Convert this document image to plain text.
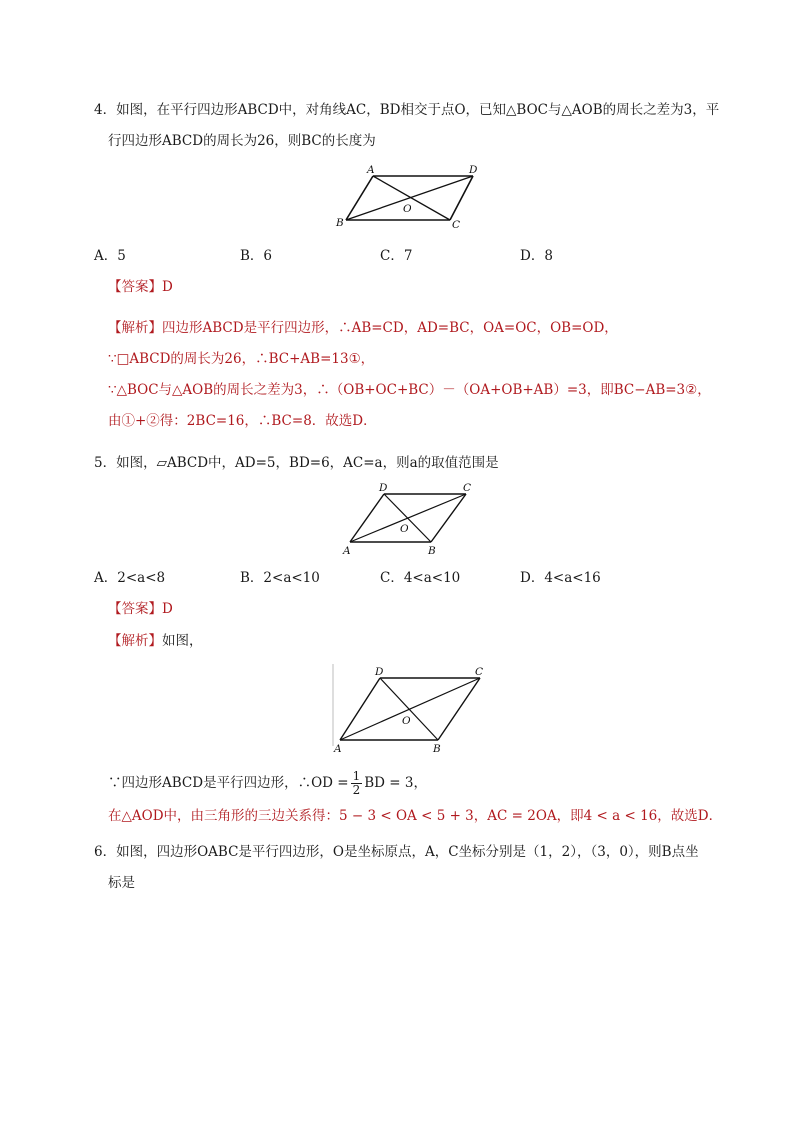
4．如图，在平行四边形ABCD中，对角线AC，BD相交于点O，已知△BOC与△AOB的周长之差为3，平
行四边形ABCD的周长为26，则BC的长度为
A	D
B	C
O
A．5	B．6	C．7	D．8
【答案】D
【解析】四边形ABCD是平行四边形，∴AB=CD，AD=BC，OA=OC，OB=OD，
∵□ABCD的周长为26，∴BC+AB=13①，
∵△BOC与△AOB的周长之差为3，∴（OB+OC+BC）－（OA+OB+AB）=3，即BC−AB=3②，
由①+②得：2BC=16，∴BC=8．故选D．
5．如图，▱ABCD中，AD=5，BD=6，AC=a，则a的取值范围是
D	C
A	B
O
A．2<a<8	B．2<a<10	C．4<a<10	D．4<a<16
【答案】D
【解析】如图，
D	C
A	B
O
∵四边形ABCD是平行四边形，∴OD = $\frac{1}{2}$ BD = 3，
在△AOD中，由三角形的三边关系得：5 − 3 < OA < 5 + 3，AC = 2OA，即4 < a < 16，故选D．
6．如图，四边形OABC是平行四边形，O是坐标原点，A，C坐标分别是（1，2），（3，0），则B点坐
标是
